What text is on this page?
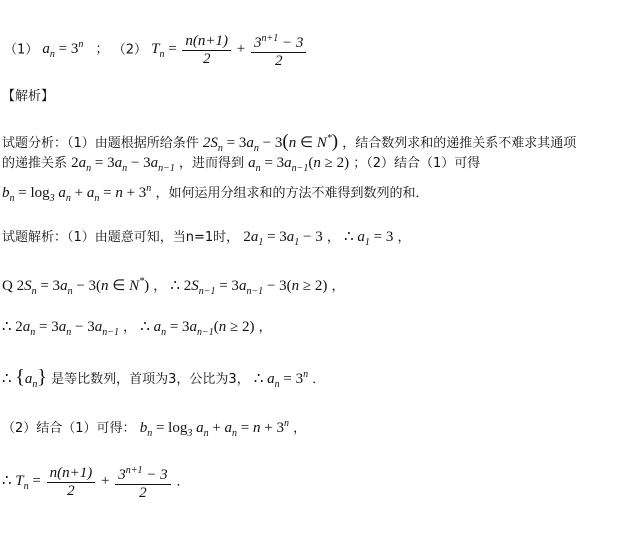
（1） $a_n = 3^n$ ； （2） $T_n = \frac{n(n+1)}{2} + \frac{3^{n+1} - 3}{2}$
【解析】
试题分析：（1）由题根据所给条件 $2S_n = 3a_n - 3(n$ ∈ N*) ，结合数列求和的递推关系不难求其通项
的递推关系 $2a_n = 3a_n - 3a_{n-1}$ ，进而得到 $a_n = 3a_{n-1}(n \ge 2)$ ；（2）结合（1）可得
$b_n = \log_3 a_n + a_n = n + 3^n$ ，如何运用分组求和的方法不难得到数列的和．
试题解析：（1）由题意可知，当n=1时， $2a_1 = 3a_1 - 3$ ， ∴ $a_1 = 3$ ，
Q $2S_n = 3a_n - 3(n$ ∈ N*) ， ∴ $2S_{n-1} = 3a_{n-1} - 3(n \ge 2)$ ，
∴ $2a_n = 3a_n - 3a_{n-1}$ ， ∴ $a_n = 3a_{n-1}(n \ge 2)$ ，
∴ $\{a_n\}$ 是等比数列，首项为3，公比为3， ∴ $a_n = 3^n$ ．
（2）结合（1）可得： $b_n = \log_3 a_n + a_n = n + 3^n$ ，
∴ $T_n = \frac{n(n+1)}{2} + \frac{3^{n+1} - 3}{2}$ ．
